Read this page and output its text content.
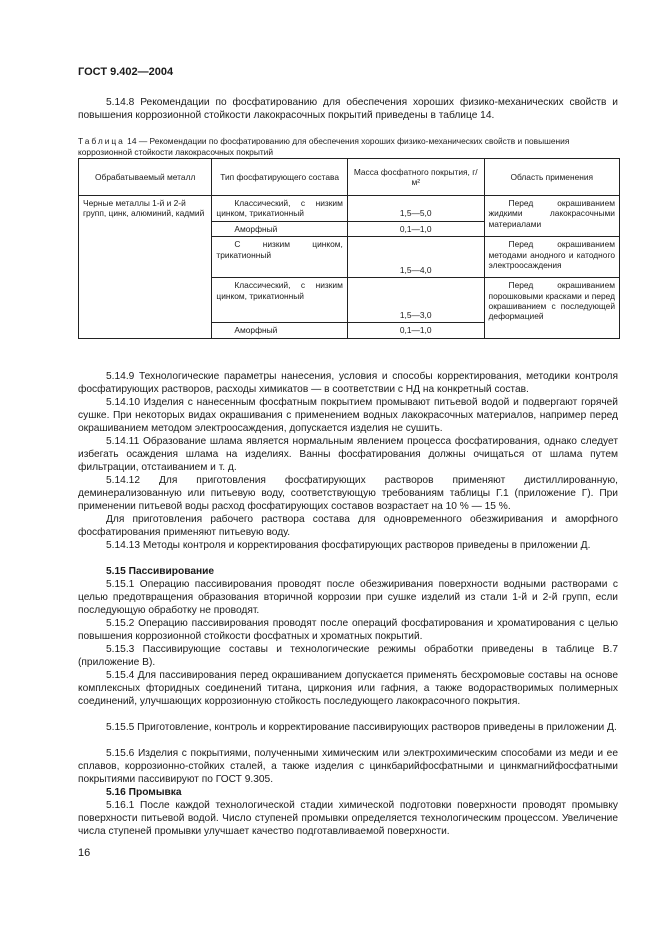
ГОСТ 9.402—2004

5.14.8 Рекомендации по фосфатированию для обеспечения хороших физико-механических свойств и повышения коррозионной стойкости лакокрасочных покрытий приведены в таблице 14.

Таблица 14 — Рекомендации по фосфатированию для обеспечения хороших физико-механических свойств и повышения коррозионной стойкости лакокрасочных покрытий

Обрабатываемый металл	Тип фосфатирующего состава	Масса фосфатного покрытия, г/м²	Область применения
Черные металлы 1-й и 2-й групп, цинк, алюминий, кадмий	Классический, с низким цинком, трикатионный	1,5—5,0	Перед окрашиванием жидкими лакокрасочными материалами
	Аморфный	0,1—1,0	
	С низким цинком, трикатионный	1,5—4,0	Перед окрашиванием методами анодного и катодного электроосаждения
	Классический, с низким цинком, трикатионный	1,5—3,0	Перед окрашиванием порошковыми красками и перед окрашиванием с последующей деформацией
	Аморфный	0,1—1,0	

5.14.9 Технологические параметры нанесения, условия и способы корректирования, методики контроля фосфатирующих растворов, расходы химикатов — в соответствии с НД на конкретный состав.

5.14.10 Изделия с нанесенным фосфатным покрытием промывают питьевой водой и подвергают горячей сушке. При некоторых видах окрашивания с применением водных лакокрасочных материалов, например перед окрашиванием методом электроосаждения, допускается изделия не сушить.

5.14.11 Образование шлама является нормальным явлением процесса фосфатирования, однако следует избегать осаждения шлама на изделиях. Ванны фосфатирования должны очищаться от шлама путем фильтрации, отстаиванием и т. д.

5.14.12 Для приготовления фосфатирующих растворов применяют дистиллированную, деминерализованную или питьевую воду, соответствующую требованиям таблицы Г.1 (приложение Г). При применении питьевой воды расход фосфатирующих составов возрастает на 10 % — 15 %.

Для приготовления рабочего раствора состава для одновременного обезжиривания и аморфного фосфатирования применяют питьевую воду.

5.14.13 Методы контроля и корректирования фосфатирующих растворов приведены в приложении Д.

5.15 Пассивирование

5.15.1 Операцию пассивирования проводят после обезжиривания поверхности водными растворами с целью предотвращения образования вторичной коррозии при сушке изделий из стали 1-й и 2-й групп, если последующую обработку не проводят.

5.15.2 Операцию пассивирования проводят после операций фосфатирования и хроматирования с целью повышения коррозионной стойкости фосфатных и хроматных покрытий.

5.15.3 Пассивирующие составы и технологические режимы обработки приведены в таблице В.7 (приложение В).

5.15.4 Для пассивирования перед окрашиванием допускается применять бесхромовые составы на основе комплексных фторидных соединений титана, циркония или гафния, а также водорастворимых полимерных соединений, улучшающих коррозионную стойкость последующего лакокрасочного покрытия.

5.15.5 Приготовление, контроль и корректирование пассивирующих растворов приведены в приложении Д.

5.15.6 Изделия с покрытиями, полученными химическим или электрохимическим способами из меди и ее сплавов, коррозионно-стойких сталей, а также изделия с цинкбарийфосфатными и цинкмагнийфосфатными покрытиями пассивируют по ГОСТ 9.305.

5.16 Промывка

5.16.1 После каждой технологической стадии химической подготовки поверхности проводят промывку поверхности питьевой водой. Число ступеней промывки определяется технологическим процессом. Увеличение числа ступеней промывки улучшает качество подготавливаемой поверхности.

16
